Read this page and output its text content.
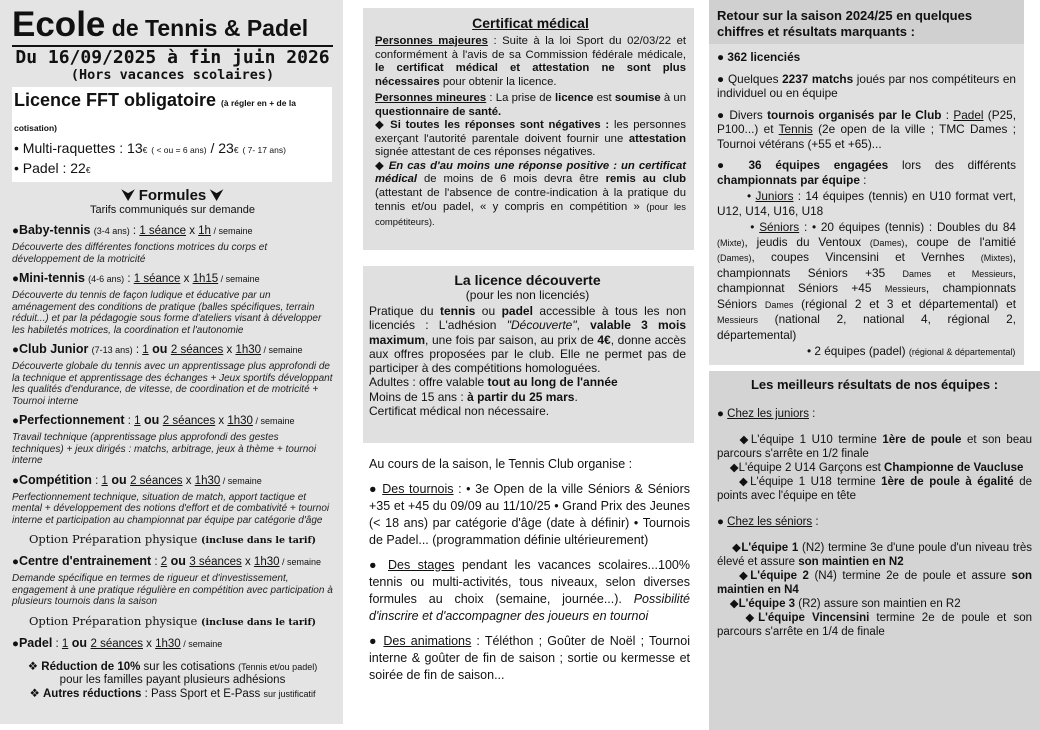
Ecole de Tennis & Padel
Du 16/09/2025 à fin juin 2026
(Hors vacances scolaires)
Licence FFT obligatoire (à régler en + de la cotisation)
• Multi-raquettes : 13€ ( < ou = 6 ans) / 23€ ( 7- 17 ans)
• Padel : 22€
⮟ Formules ⮟
Tarifs communiqués sur demande
●Baby-tennis (3-4 ans) : 1 séance x 1h / semaine
Découverte des différentes fonctions motrices du corps et développement de la motricité
●Mini-tennis (4-6 ans) : 1 séance x 1h15 / semaine
Découverte du tennis de façon ludique et éducative par un aménagement des conditions de pratique (balles spécifiques, terrain réduit...) et par la pédagogie sous forme d'ateliers visant à développer les habiletés motrices, la coordination et l'autonomie
●Club Junior (7-13 ans) : 1 ou 2 séances x 1h30 / semaine
Découverte globale du tennis avec un apprentissage plus approfondi de la technique et apprentissage des échanges + Jeux sportifs développant les qualités d'endurance, de vitesse, de coordination et de motricité + Tournoi interne
●Perfectionnement : 1 ou 2 séances x 1h30 / semaine
Travail technique (apprentissage plus approfondi des gestes techniques) + jeux dirigés : matchs, arbitrage, jeux à thème + tournoi interne
●Compétition : 1 ou 2 séances x 1h30 / semaine
Perfectionnement technique, situation de match, apport tactique et mental + développement des notions d'effort et de combativité + tournoi interne et participation au championnat par équipe par catégorie d'âge
Option Préparation physique (incluse dans le tarif)
●Centre d'entrainement : 2 ou 3 séances x 1h30 / semaine
Demande spécifique en termes de rigueur et d'investissement, engagement à une pratique régulière en compétition avec participation à plusieurs tournois dans la saison
Option Préparation physique (incluse dans le tarif)
●Padel : 1 ou 2 séances x 1h30 / semaine
❖ Réduction de 10% sur les cotisations (Tennis et/ou padel)
pour les familles payant plusieurs adhésions
❖ Autres réductions : Pass Sport et E-Pass sur justificatif
Certificat médical

Personnes majeures : Suite à la loi Sport du 02/03/22 et conformément à l'avis de sa Commission fédérale médicale, le certificat médical et attestation ne sont plus nécessaires pour obtenir la licence.

Personnes mineures : La prise de licence est soumise à un questionnaire de santé.
◆ Si toutes les réponses sont négatives : les personnes exerçant l'autorité parentale doivent fournir une attestation signée attestant de ces réponses négatives.
◆ En cas d'au moins une réponse positive : un certificat médical de moins de 6 mois devra être remis au club (attestant de l'absence de contre-indication à la pratique du tennis et/ou padel, « y compris en compétition » (pour les compétiteurs).

La licence découverte
(pour les non licenciés)

Pratique du tennis ou padel accessible à tous les non licenciés : L'adhésion "Découverte", valable 3 mois maximum, une fois par saison, au prix de 4€, donne accès aux offres proposées par le club. Elle ne permet pas de participer à des compétitions homologuées.
Adultes : offre valable tout au long de l'année
Moins de 15 ans : à partir du 25 mars.
Certificat médical non nécessaire.

Au cours de la saison, le Tennis Club organise :

● Des tournois : • 3e Open de la ville Séniors & Séniors +35 et +45 du 09/09 au 11/10/25 • Grand Prix des Jeunes (< 18 ans) par catégorie d'âge (date à définir) • Tournois de Padel... (programmation définie ultérieurement)

● Des stages pendant les vacances scolaires...100% tennis ou multi-activités, tous niveaux, selon diverses formules au choix (semaine, journée...). Possibilité d'inscrire et d'accompagner des joueurs en tournoi

● Des animations : Téléthon ; Goûter de Noël ; Tournoi interne & goûter de fin de saison ; sortie ou kermesse et soirée de fin de saison...

Retour sur la saison 2024/25 en quelques chiffres et résultats marquants :

● 362 licenciés

● Quelques 2237 matchs joués par nos compétiteurs en individuel ou en équipe

● Divers tournois organisés par le Club : Padel (P25, P100...) et Tennis (2e open de la ville ; TMC Dames ; Tournoi vétérans (+55 et +65)...

● 36 équipes engagées lors des différents championnats par équipe :

• Juniors : 14 équipes (tennis) en U10 format vert, U12, U14, U16, U18

• Séniors : • 20 équipes (tennis) : Doubles du 84 (Mixte), jeudis du Ventoux (Dames), coupe de l'amitié (Dames), coupes Vincensini et Vernhes (Mixtes), championnats Séniors +35 Dames et Messieurs, championnat Séniors +45 Messieurs, championnats Séniors Dames (régional 2 et 3 et départemental) et Messieurs (national 2, national 4, régional 2, départemental)

• 2 équipes (padel) (régional & départemental)

Les meilleurs résultats de nos équipes :

● Chez les juniors :

◆L'équipe 1 U10 termine 1ère de poule et son beau parcours s'arrête en 1/2 finale

◆L'équipe 2 U14 Garçons est Championne de Vaucluse

◆L'équipe 1 U18 termine 1ère de poule à égalité de points avec l'équipe en tête

● Chez les séniors :

◆L'équipe 1 (N2) termine 3e d'une poule d'un niveau très élevé et assure son maintien en N2

◆L'équipe 2 (N4) termine 2e de poule et assure son maintien en N4

◆L'équipe 3 (R2) assure son maintien en R2

◆L'équipe Vincensini termine 2e de poule et son parcours s'arrête en 1/4 de finale
